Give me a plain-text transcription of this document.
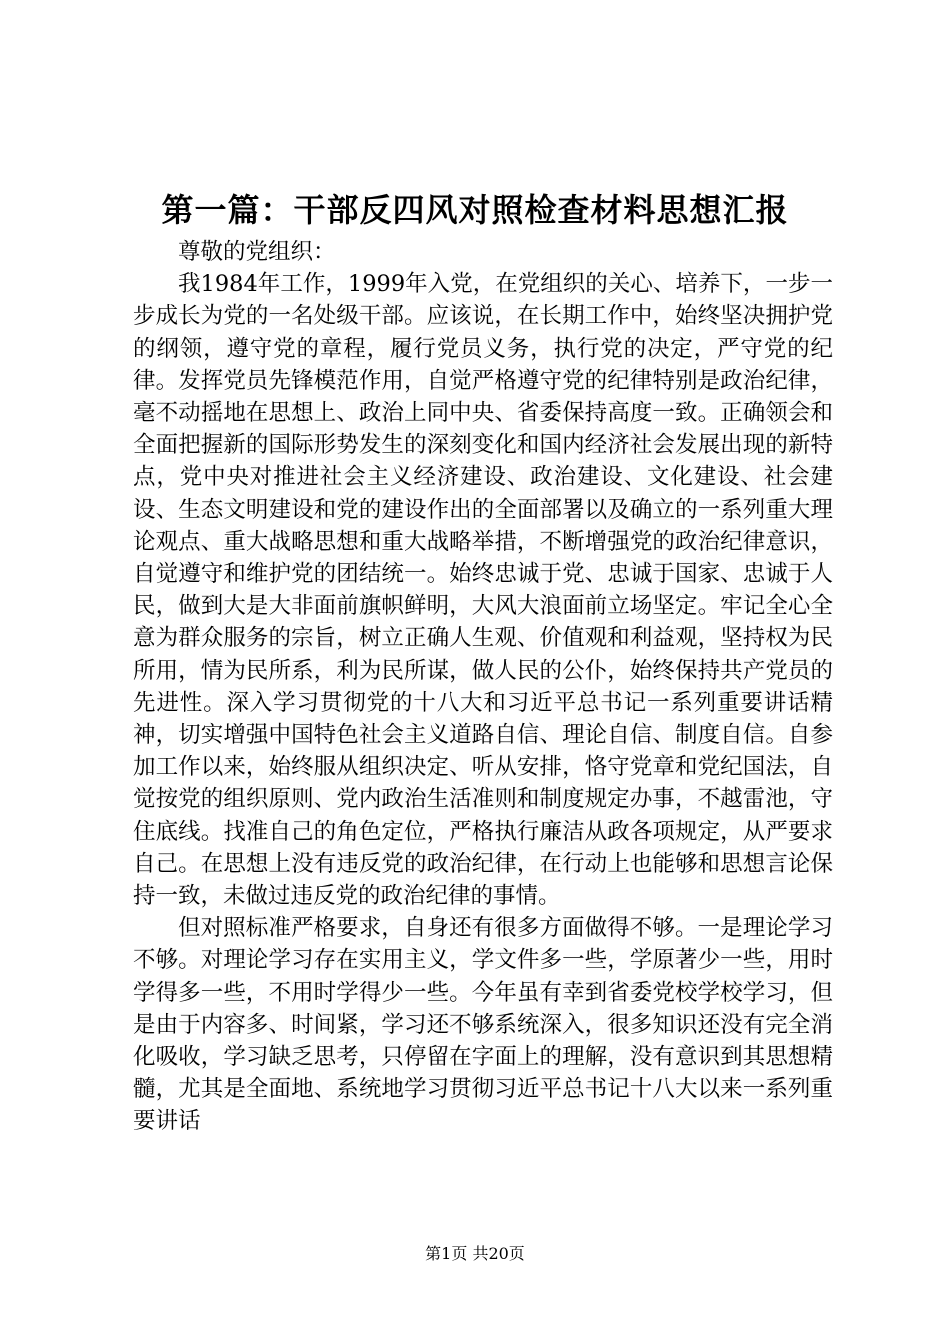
第一篇：干部反四风对照检查材料思想汇报

尊敬的党组织：

我1984年工作，1999年入党，在党组织的关心、培养下，一步一步成长为党的一名处级干部。应该说，在长期工作中，始终坚决拥护党的纲领，遵守党的章程，履行党员义务，执行党的决定，严守党的纪律。发挥党员先锋模范作用，自觉严格遵守党的纪律特别是政治纪律，毫不动摇地在思想上、政治上同中央、省委保持高度一致。正确领会和全面把握新的国际形势发生的深刻变化和国内经济社会发展出现的新特点，党中央对推进社会主义经济建设、政治建设、文化建设、社会建设、生态文明建设和党的建设作出的全面部署以及确立的一系列重大理论观点、重大战略思想和重大战略举措，不断增强党的政治纪律意识，自觉遵守和维护党的团结统一。始终忠诚于党、忠诚于国家、忠诚于人民，做到大是大非面前旗帜鲜明，大风大浪面前立场坚定。牢记全心全意为群众服务的宗旨，树立正确人生观、价值观和利益观，坚持权为民所用，情为民所系，利为民所谋，做人民的公仆，始终保持共产党员的先进性。深入学习贯彻党的十八大和习近平总书记一系列重要讲话精神，切实增强中国特色社会主义道路自信、理论自信、制度自信。自参加工作以来，始终服从组织决定、听从安排，恪守党章和党纪国法，自觉按党的组织原则、党内政治生活准则和制度规定办事，不越雷池，守住底线。找准自己的角色定位，严格执行廉洁从政各项规定，从严要求自己。在思想上没有违反党的政治纪律，在行动上也能够和思想言论保持一致，未做过违反党的政治纪律的事情。

但对照标准严格要求，自身还有很多方面做得不够。一是理论学习不够。对理论学习存在实用主义，学文件多一些，学原著少一些，用时学得多一些，不用时学得少一些。今年虽有幸到省委党校学校学习，但是由于内容多、时间紧，学习还不够系统深入，很多知识还没有完全消化吸收，学习缺乏思考，只停留在字面上的理解，没有意识到其思想精髓，尤其是全面地、系统地学习贯彻习近平总书记十八大以来一系列重要讲话

第1页 共20页
